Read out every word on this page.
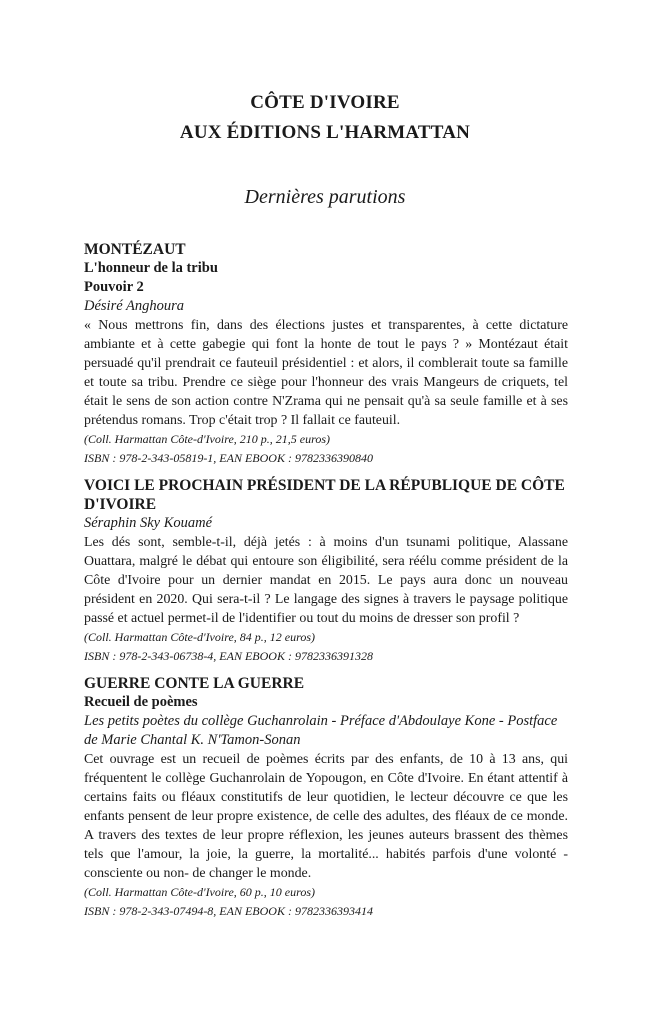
CÔTE D'IVOIRE
AUX ÉDITIONS L'HARMATTAN
Dernières parutions
MONTÉZAUT
L'honneur de la tribu
Pouvoir 2
Désiré Anghoura

« Nous mettrons fin, dans des élections justes et transparentes, à cette dictature ambiante et à cette gabegie qui font la honte de tout le pays ? » Montézaut était persuadé qu'il prendrait ce fauteuil présidentiel : et alors, il comblerait toute sa famille et toute sa tribu. Prendre ce siège pour l'honneur des vrais Mangeurs de criquets, tel était le sens de son action contre N'Zrama qui ne pensait qu'à sa seule famille et à ses prétendus romans. Trop c'était trop ? Il fallait ce fauteuil.

(Coll. Harmattan Côte-d'Ivoire, 210 p., 21,5 euros)
ISBN : 978-2-343-05819-1, EAN EBOOK : 9782336390840
VOICI LE PROCHAIN PRÉSIDENT DE LA RÉPUBLIQUE DE CÔTE D'IVOIRE
Séraphin Sky Kouamé

Les dés sont, semble-t-il, déjà jetés : à moins d'un tsunami politique, Alassane Ouattara, malgré le débat qui entoure son éligibilité, sera réélu comme président de la Côte d'Ivoire pour un dernier mandat en 2015. Le pays aura donc un nouveau président en 2020. Qui sera-t-il ? Le langage des signes à travers le paysage politique passé et actuel permet-il de l'identifier ou tout du moins de dresser son profil ?

(Coll. Harmattan Côte-d'Ivoire, 84 p., 12 euros)
ISBN : 978-2-343-06738-4, EAN EBOOK : 9782336391328
GUERRE CONTE LA GUERRE
Recueil de poèmes
Les petits poètes du collège Guchanrolain - Préface d'Abdoulaye Kone - Postface de Marie Chantal K. N'Tamon-Sonan

Cet ouvrage est un recueil de poèmes écrits par des enfants, de 10 à 13 ans, qui fréquentent le collège Guchanrolain de Yopougon, en Côte d'Ivoire. En étant attentif à certains faits ou fléaux constitutifs de leur quotidien, le lecteur découvre ce que les enfants pensent de leur propre existence, de celle des adultes, des fléaux de ce monde. A travers des textes de leur propre réflexion, les jeunes auteurs brassent des thèmes tels que l'amour, la joie, la guerre, la mortalité... habités parfois d'une volonté -consciente ou non- de changer le monde.

(Coll. Harmattan Côte-d'Ivoire, 60 p., 10 euros)
ISBN : 978-2-343-07494-8, EAN EBOOK : 9782336393414
